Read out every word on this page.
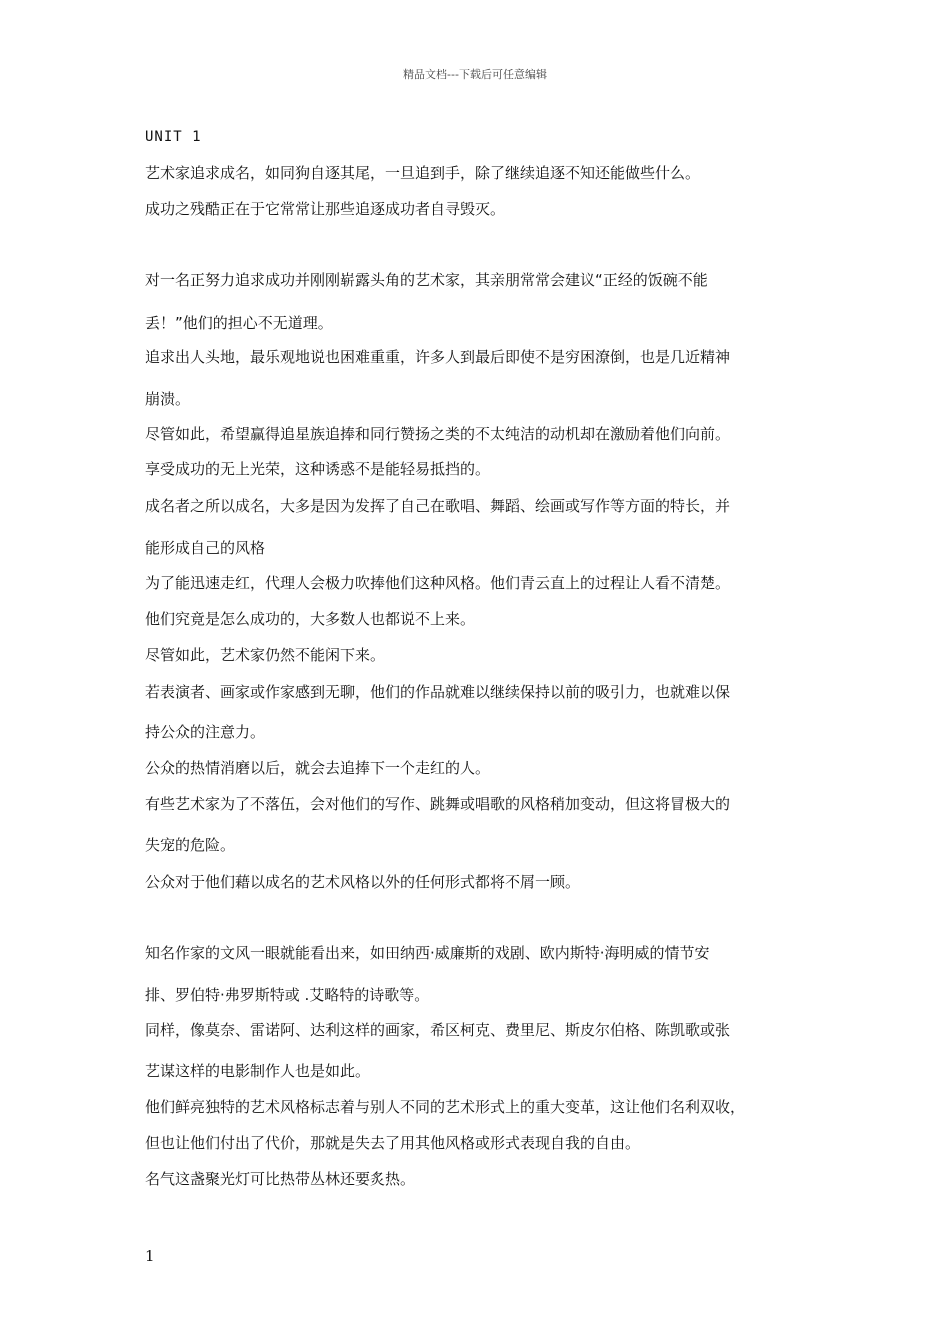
精品文档---下载后可任意编辑
UNIT 1
艺术家追求成名，如同狗自逐其尾，一旦追到手，除了继续追逐不知还能做些什么。
成功之残酷正在于它常常让那些追逐成功者自寻毁灭。
对一名正努力追求成功并刚刚崭露头角的艺术家，其亲朋常常会建议“正经的饭碗不能
丢！”他们的担心不无道理。
追求出人头地，最乐观地说也困难重重，许多人到最后即使不是穷困潦倒，也是几近精神
崩溃。
尽管如此，希望赢得追星族追捧和同行赞扬之类的不太纯洁的动机却在激励着他们向前。
享受成功的无上光荣，这种诱惑不是能轻易抵挡的。
成名者之所以成名，大多是因为发挥了自己在歌唱、舞蹈、绘画或写作等方面的特长，并
能形成自己的风格
为了能迅速走红，代理人会极力吹捧他们这种风格。他们青云直上的过程让人看不清楚。
他们究竟是怎么成功的，大多数人也都说不上来。
尽管如此，艺术家仍然不能闲下来。
若表演者、画家或作家感到无聊，他们的作品就难以继续保持以前的吸引力，也就难以保
持公众的注意力。
公众的热情消磨以后，就会去追捧下一个走红的人。
有些艺术家为了不落伍，会对他们的写作、跳舞或唱歌的风格稍加变动，但这将冒极大的
失宠的危险。
公众对于他们藉以成名的艺术风格以外的任何形式都将不屑一顾。
知名作家的文风一眼就能看出来，如田纳西·威廉斯的戏剧、欧内斯特·海明威的情节安
排、罗伯特·弗罗斯特或 .艾略特的诗歌等。
同样，像莫奈、雷诺阿、达利这样的画家，希区柯克、费里尼、斯皮尔伯格、陈凯歌或张
艺谋这样的电影制作人也是如此。
他们鲜亮独特的艺术风格标志着与别人不同的艺术形式上的重大变革，这让他们名利双收，
但也让他们付出了代价，那就是失去了用其他风格或形式表现自我的自由。
名气这盏聚光灯可比热带丛林还要炙热。
1
